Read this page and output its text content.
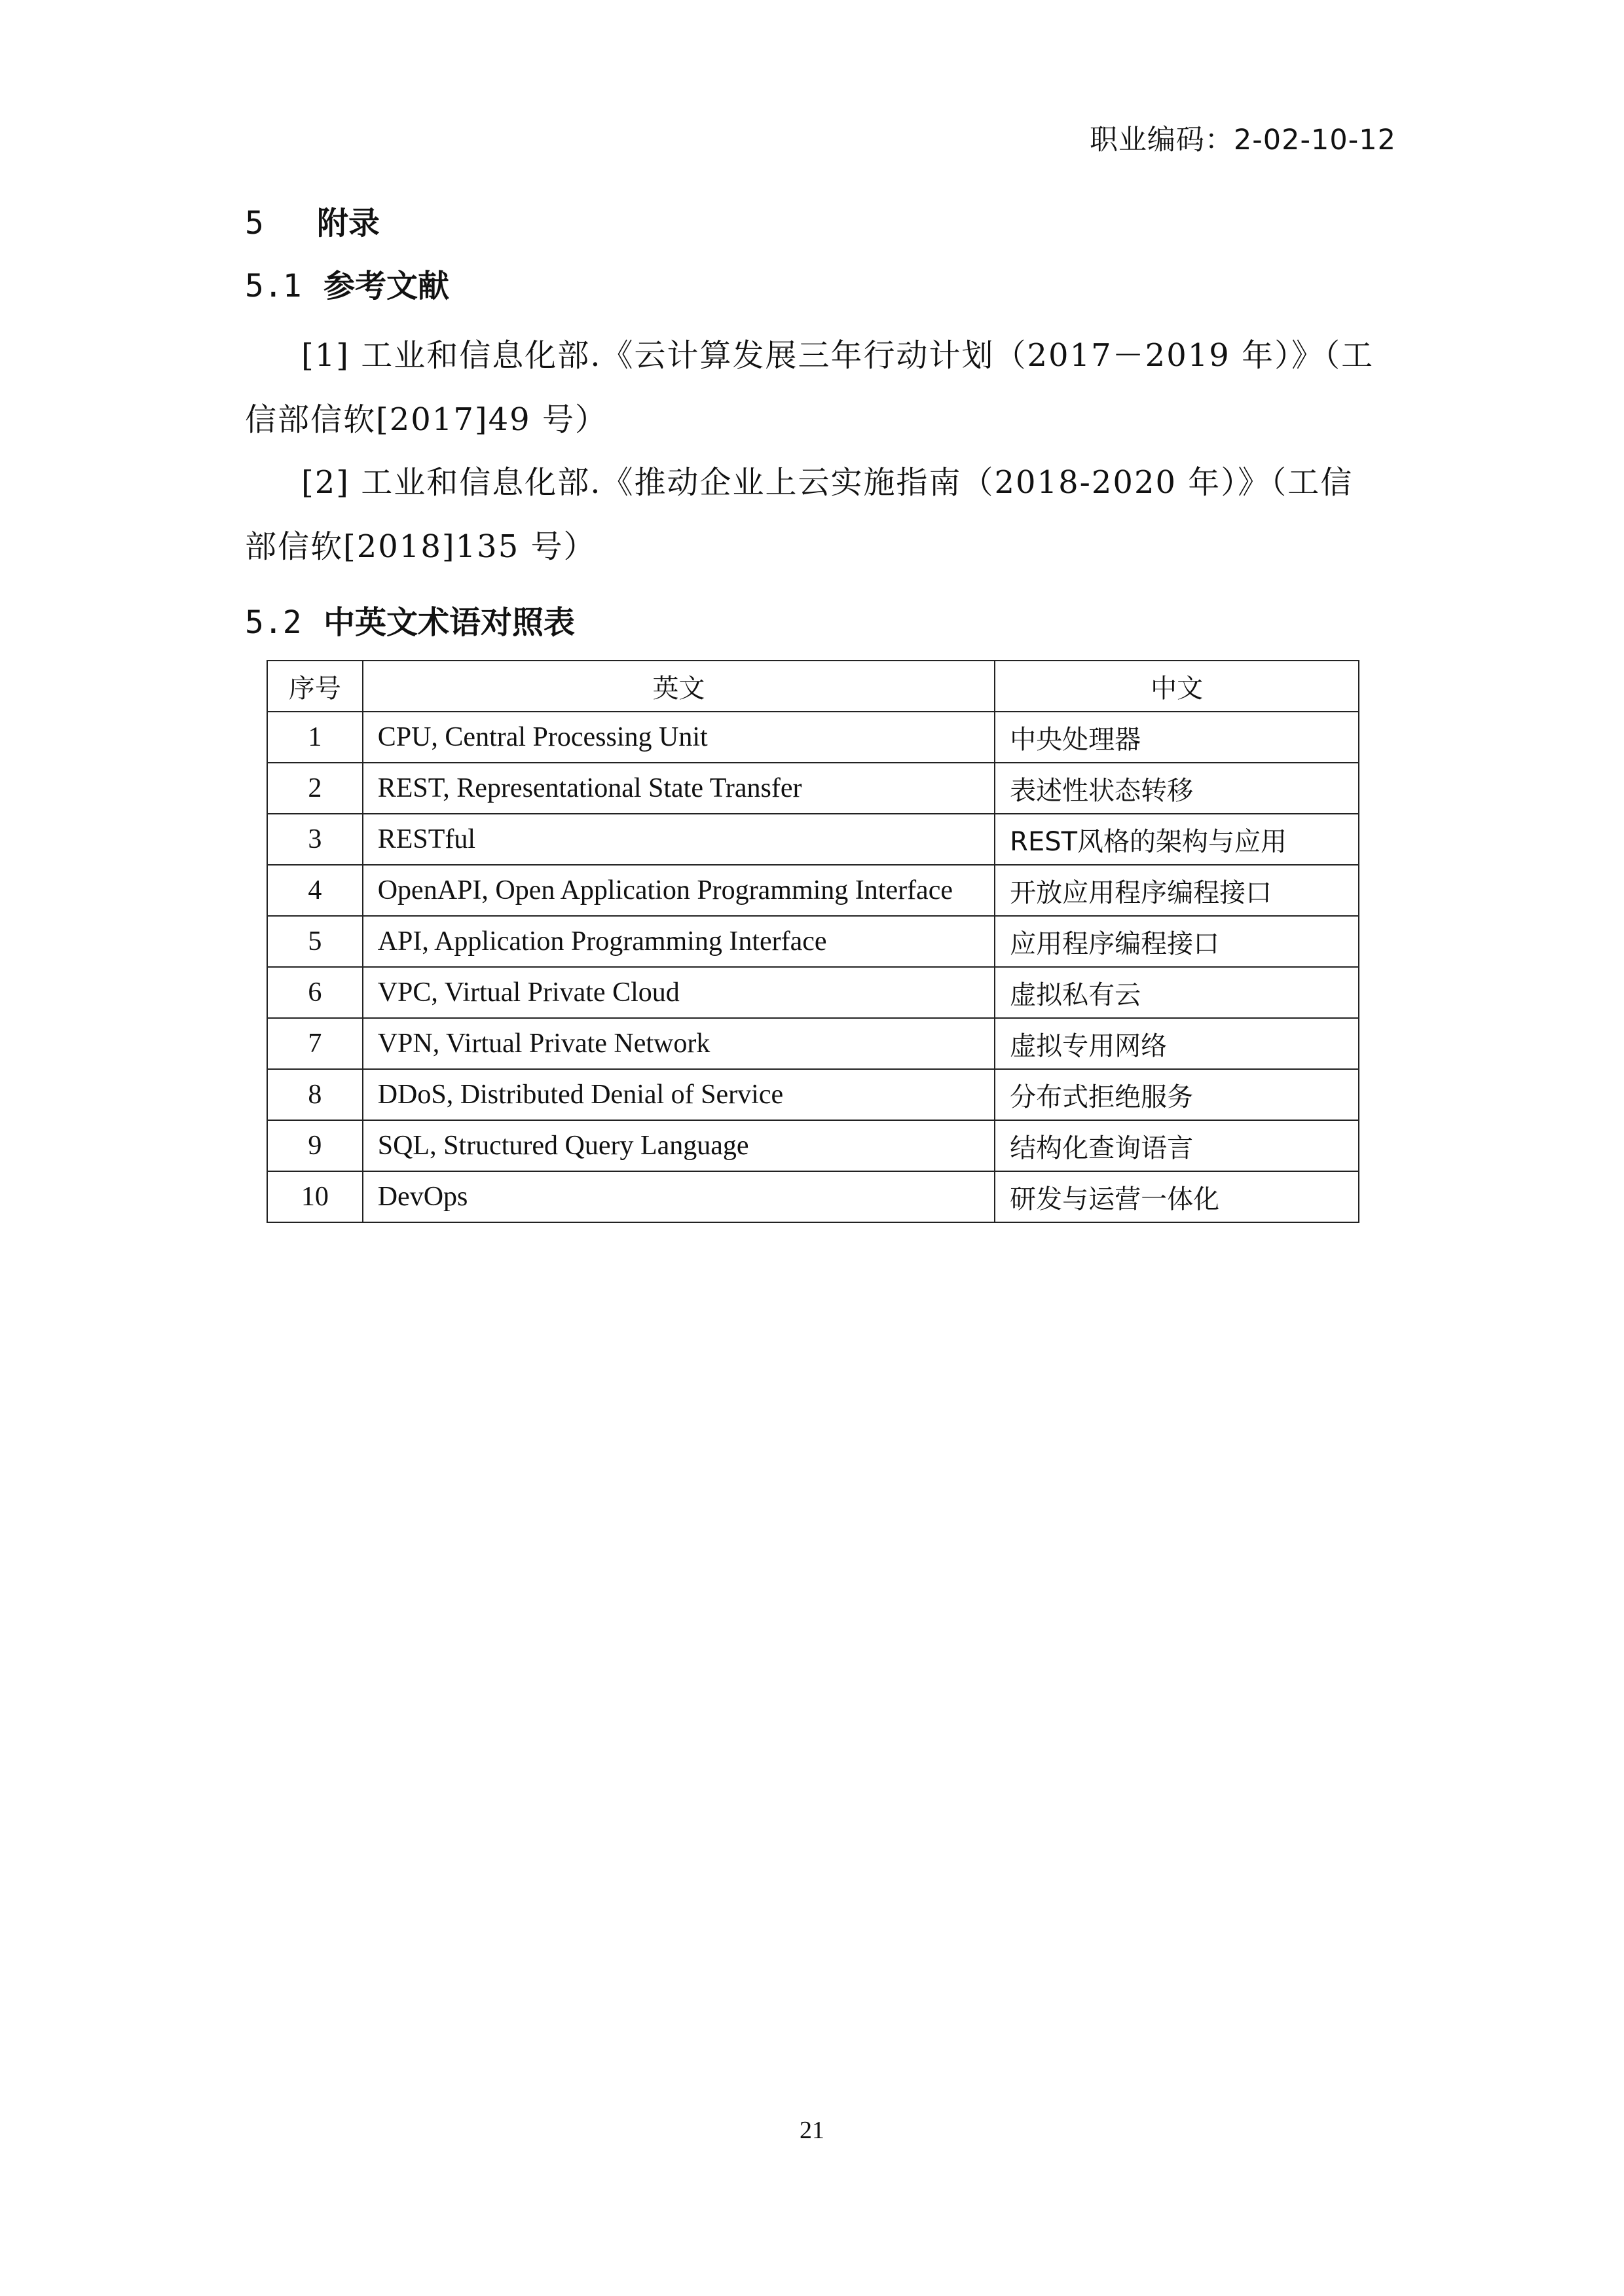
职业编码：2-02-10-12
5 附录
5.1 参考文献
[1] 工业和信息化部.《云计算发展三年行动计划（2017－2019 年）》（工信部信软[2017]49 号）
[2] 工业和信息化部.《推动企业上云实施指南（2018-2020 年）》（工信部信软[2018]135 号）
5.2 中英文术语对照表
序号	英文	中文
1	CPU, Central Processing Unit	中央处理器
2	REST, Representational State Transfer	表述性状态转移
3	RESTful	REST风格的架构与应用
4	OpenAPI, Open Application Programming Interface	开放应用程序编程接口
5	API, Application Programming Interface	应用程序编程接口
6	VPC, Virtual Private Cloud	虚拟私有云
7	VPN, Virtual Private Network	虚拟专用网络
8	DDoS, Distributed Denial of Service	分布式拒绝服务
9	SQL, Structured Query Language	结构化查询语言
10	DevOps	研发与运营一体化
21
